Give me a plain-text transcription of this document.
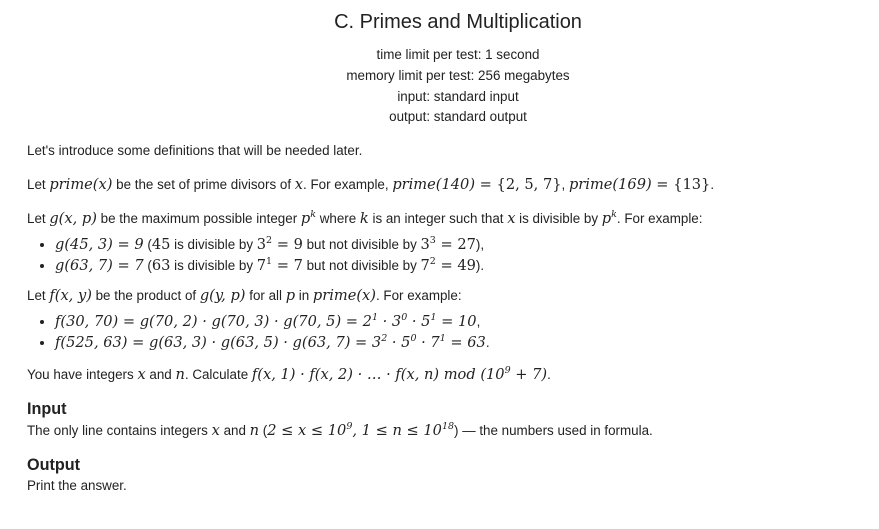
C. Primes and Multiplication
time limit per test: 1 second
memory limit per test: 256 megabytes
input: standard input
output: standard output

Let's introduce some definitions that will be needed later.

Let prime(x) be the set of prime divisors of x. For example, prime(140) = {2, 5, 7}, prime(169) = {13}.

Let g(x, p) be the maximum possible integer $p^k$ where k is an integer such that x is divisible by $p^k$. For example:

• g(45, 3) = 9 (45 is divisible by $3^2 = 9$ but not divisible by $3^3 = 27$),
• g(63, 7) = 7 (63 is divisible by $7^1 = 7$ but not divisible by $7^2 = 49$).

Let f(x, y) be the product of g(y, p) for all p in prime(x). For example:

• f(30, 70) = g(70, 2) · g(70, 3) · g(70, $5) = 2^1 \cdot 3^0 \cdot 5^1 = 10$,
• f(525, 63) = g(63, 3) · g(63, 5) · g(63, $7) = 3^2 \cdot 5^0 \cdot 7^1 = 63$.

You have integers x and n. Calculate f(x, 1) · f(x, 2) · … · f(x, n) mod $(10^9 + 7)$.

Input

The only line contains integers x and n ($2 \le x \le 10^9$, $1 \le n \le 10^{18}$) — the numbers used in formula.

Output

Print the answer.
